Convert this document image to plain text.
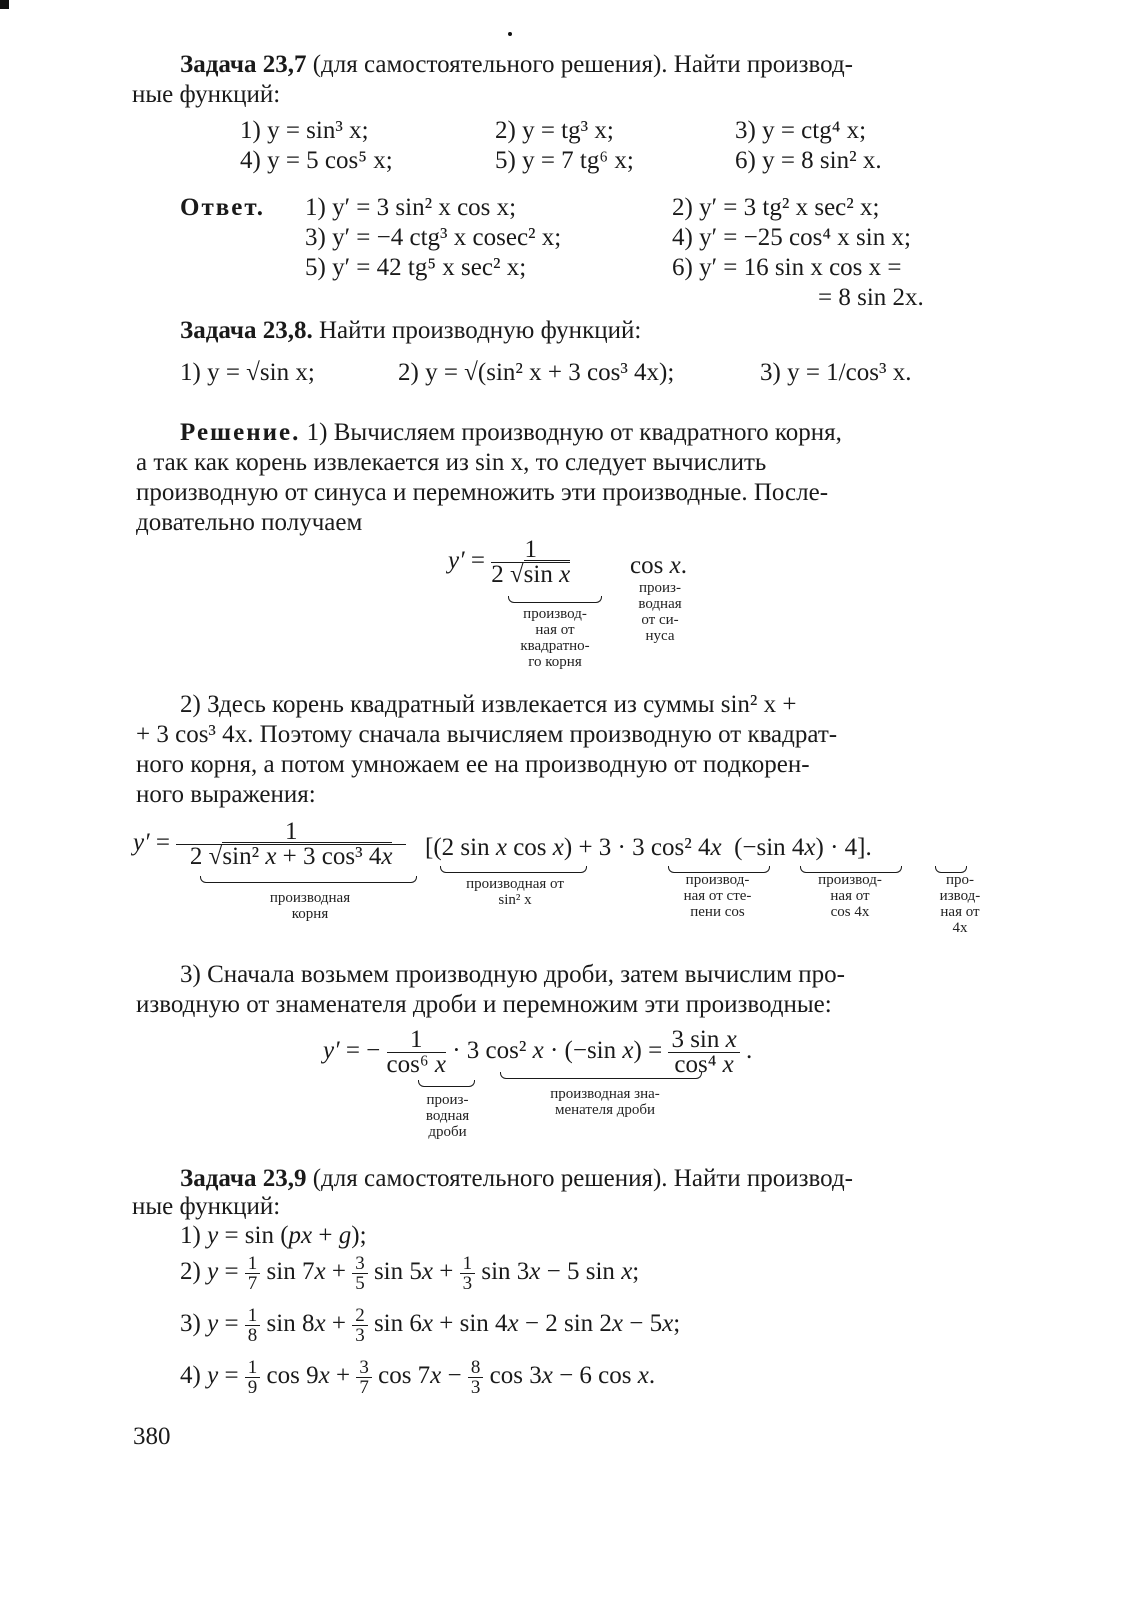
Задача 23,7 (для самостоятельного решения). Найти производ-
ные функций:
1) y = sin³ x;	2) y = tg³ x;	3) y = ctg⁴ x;
4) y = 5 cos⁵ x;	5) y = 7 tg⁶ x;	6) y = 8 sin² x.
Ответ. 1) y′ = 3 sin² x cos x;	2) y′ = 3 tg² x sec² x;
3) y′ = −4 ctg³ x cosec² x;	4) y′ = −25 cos⁴ x sin x;
5) y′ = 42 tg⁵ x sec² x;	6) y′ = 16 sin x cos x =
= 8 sin 2x.
Задача 23,8. Найти производную функций:
1) y = √sin x;	2) y = √(sin² x + 3 cos³ 4x);	3) y = 1/cos³ x.
Решение. 1) Вычисляем производную от квадратного корня,
а так как корень извлекается из sin x, то следует вычислить
производную от синуса и перемножить эти производные. После-
довательно получаем
$y' = \frac{1}{\text{2 √sin x}}$ cos x.
производ-
ная от
квадратно-
го корня
произ-
водная
от си-
нуса
2) Здесь корень квадратный извлекается из суммы sin² x +
+ 3 cos³ 4x. Поэтому сначала вычисляем производную от квадрат-
ного корня, а потом умножаем ее на производную от подкорен-
ного выражения:
$y' = \frac{1}{\text{2 √sin² x + 3 cos³ 4x}} [(2$ sin x cos x) + 3 · 3 cos² 4x  (−sin 4x) · 4].
производная
корня
производная от
sin² x
производ-
ная от сте-
пени cos
производ-
ная от
cos 4x
про-
извод-
ная от
4x
3) Сначала возьмем производную дроби, затем вычислим про-
изводную от знаменателя дроби и перемножим эти производные:
y′ = − $\frac{1}{\text{cos⁶ x}} \cdot 3$ cos² x · (−sin $x) = \frac{\text{3 sin x}}{\text{cos⁴ x}}$ .
произ-
водная
дроби
производная зна-
менателя дроби
Задача 23,9 (для самостоятельного решения). Найти производ-
ные функций:
1) y = sin (px + g);
2) $y = \frac{1}{7}$ $\sin 7x + \frac{3}{5}$ $\sin 5x + \frac{1}{3}$ sin 3x − 5 sin x;
3) $y = \frac{1}{8}$ $\sin 8x + \frac{2}{3}$ sin 6x + sin 4x − 2 sin 2x − 5x;
4) $y = \frac{1}{9}$ $\cos 9x + \frac{3}{7}$ $\cos 7x - \frac{8}{3}$ cos 3x − 6 cos x.
380
